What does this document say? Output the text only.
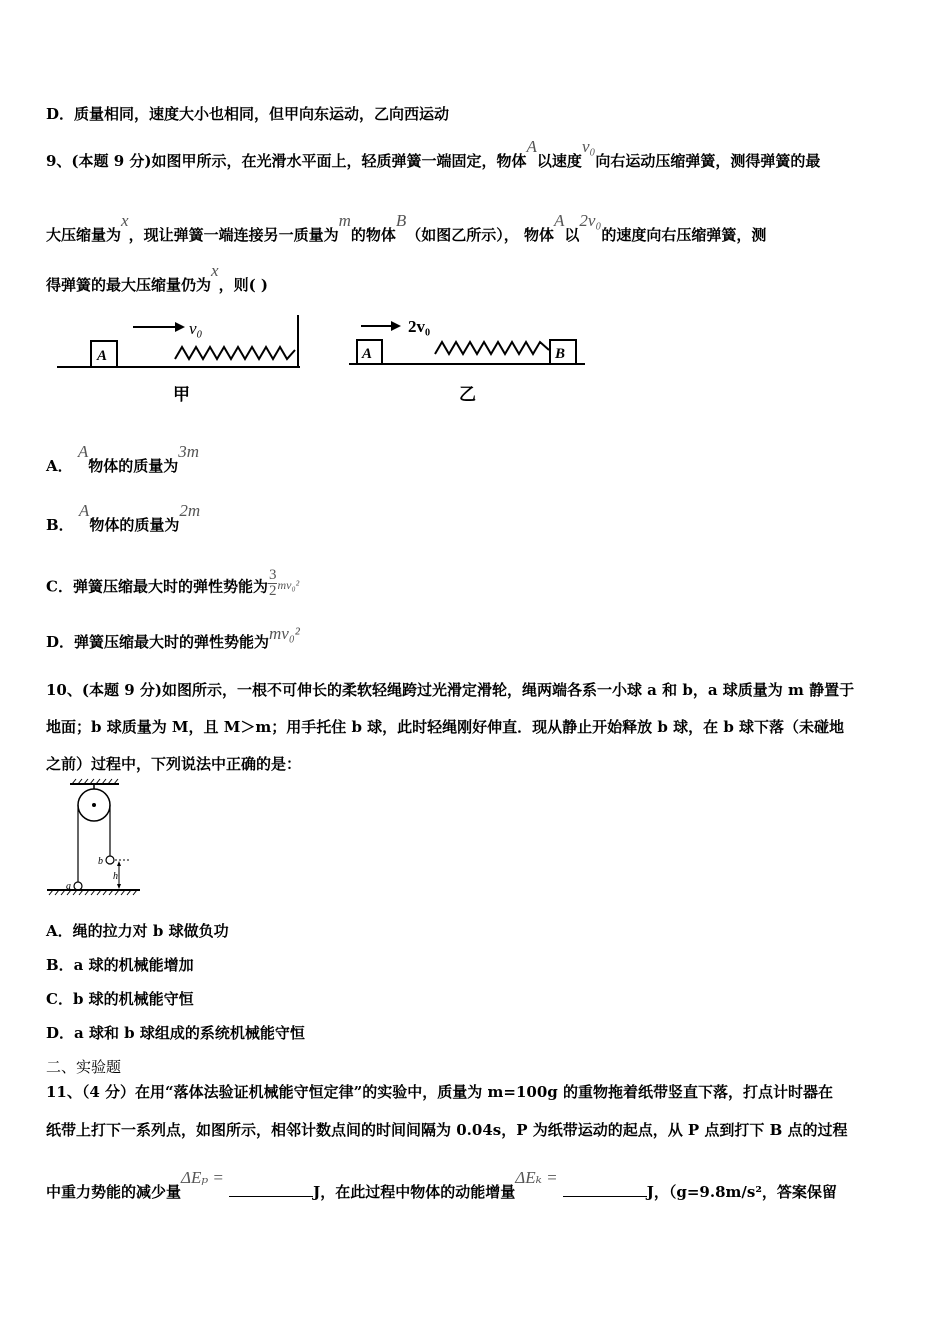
D．质量相同，速度大小也相同，但甲向东运动，乙向西运动
9、(本题 9 分)如图甲所示，在光滑水平面上，轻质弹簧一端固定，物体A以速度v₀向右运动压缩弹簧，测得弹簧的最
大压缩量为x，现让弹簧一端连接另一质量为m的物体B（如图乙所示）， 物体A以2v₀的速度向右压缩弹簧，测
得弹簧的最大压缩量仍为x，则( )
A
v₀
甲
A	B
2v₀
乙
A． A物体的质量为3m
B． A物体的质量为2m
C．弹簧压缩最大时的弹性势能为 $\frac{3}{2} ^{mv_0^2}$
D．弹簧压缩最大时的弹性势能为mv₀²
10、(本题 9 分)如图所示，一根不可伸长的柔软轻绳跨过光滑定滑轮，绳两端各系一小球 a 和 b，a 球质量为 m 静置于
地面；b 球质量为 M，且 M＞m；用手托住 b 球，此时轻绳刚好伸直．现从静止开始释放 b 球，在 b 球下落（未碰地
之前）过程中，下列说法中正确的是：
a
b
h
A．绳的拉力对 b 球做负功
B．a 球的机械能增加
C．b 球的机械能守恒
D．a 球和 b 球组成的系统机械能守恒
二、实验题
11、（4 分）在用“落体法验证机械能守恒定律”的实验中，质量为 m=100g 的重物拖着纸带竖直下落，打点计时器在
纸带上打下一系列点，如图所示，相邻计数点间的时间间隔为 0.04s，P 为纸带运动的起点，从 P 点到打下 B 点的过程
中重力势能的减少量ΔEₚ = J，在此过程中物体的动能增量ΔEₖ = J，（g=9.8m/s²，答案保留
